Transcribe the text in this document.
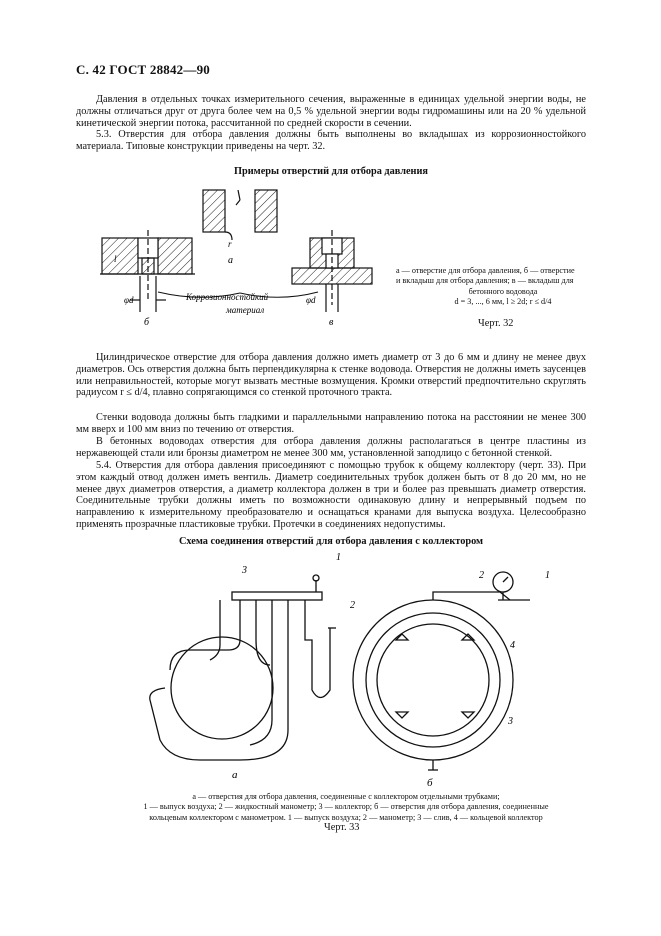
С. 42 ГОСТ 28842—90

Давления в отдельных точках измерительного сечения, выраженные в единицах удельной энергии воды, не должны отличаться друг от друга более чем на 0,5 % удельной энергии воды гидромашины или на 20 % удельной кинетической энергии потока, рассчитанной по средней скорости в сечении.

5.3. Отверстия для отбора давления должны быть выполнены во вкладышах из коррозионностойкого материала. Типовые конструкции приведены на черт. 32.

Примеры отверстий для отбора давления
а
r
Коррозионностойкий
материал
φd	φd
l
б	в
а — отверстие для отбора давления, б — отверстие
и вкладыш для отбора давления; в — вкладыш для
бетонного водовода
d = 3, ..., 6 мм, l ≥ 2d; r ≤ d/4
Черт. 32

Цилиндрическое отверстие для отбора давления должно иметь диаметр от 3 до 6 мм и длину не менее двух диаметров. Ось отверстия должна быть перпендикулярна к стенке водовода. Отверстия не должны иметь заусенцев или неправильностей, которые могут вызвать местные возмущения. Кромки отверстий предпочтительно скруглять радиусом r ≤ d/4, плавно сопрягающимся со стенкой проточного тракта.

Стенки водовода должны быть гладкими и параллельными направлению потока на расстоянии не менее 300 мм вверх и 100 мм вниз по течению от отверстия.

В бетонных водоводах отверстия для отбора давления должны располагаться в центре пластины из нержавеющей стали или бронзы диаметром не менее 300 мм, установленной заподлицо с бетонной стенкой.

5.4. Отверстия для отбора давления присоединяют с помощью трубок к общему коллектору (черт. 33). При этом каждый отвод должен иметь вентиль. Диаметр соединительных трубок должен быть от 8 до 20 мм, но не менее двух диаметров отверстия, а диаметр коллектора должен в три и более раз превышать диаметр отверстия. Соединительные трубки должны иметь по возможности одинаковую длину и непрерывный подъем по направлению к измерительному преобразователю и оснащаться кранами для выпуска воздуха. Целесообразно применять прозрачные пластиковые трубки. Протечки в соединениях недопустимы.

Схема соединения отверстий для отбора давления с коллектором
3
1
2
а
2	1
4
3
б
а — отверстия для отбора давления, соединенные с коллектором отдельными трубками;
1 — выпуск воздуха; 2 — жидкостный манометр; 3 — коллектор; б — отверстия для отбора давления, соединенные
кольцевым коллектором с манометром. 1 — выпуск воздуха; 2 — манометр; 3 — слив, 4 — кольцевой коллектор
Черт. 33
